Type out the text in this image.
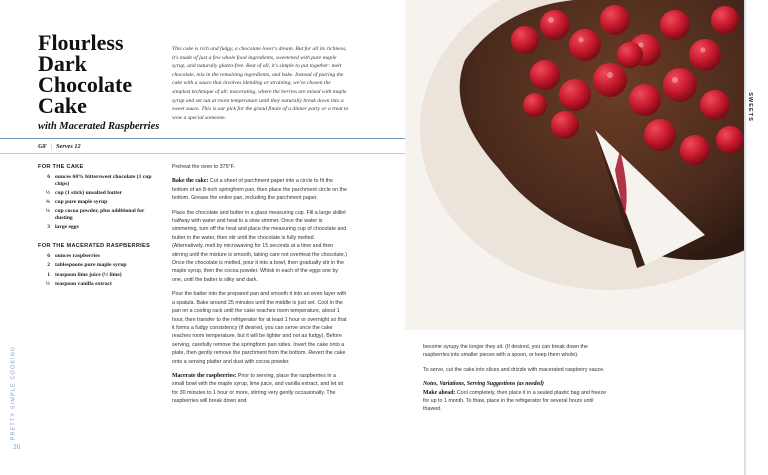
Flourless Dark Chocolate Cake
with Macerated Raspberries
This cake is rich and fudgy, a chocolate lover's dream. But for all its richness, it's made of just a few whole food ingredients, sweetened with pure maple syrup, and naturally gluten-free. Best of all, it's simple to put together: melt chocolate, mix in the remaining ingredients, and bake. Instead of pairing the cake with a sauce that involves blending or straining, we've chosen the simplest technique of all: macerating, where the berries are mixed with maple syrup and set out at room temperature until they naturally break down into a sweet sauce. This is our pick for the grand finale of a dinner party or a treat to wow a special someone.
GF | Serves 12
FOR THE CAKE
6 ounces 60% bittersweet chocolate (1 cup chips)
½ cup (1 stick) unsalted butter
¾ cup pure maple syrup
¼ cup cocoa powder, plus additional for dusting
3 large eggs
FOR THE MACERATED RASPBERRIES
6 ounces raspberries
2 tablespoons pure maple syrup
1 teaspoon lime juice (½ lime)
½ teaspoon vanilla extract

Preheat the oven to 375°F.

Bake the cake: Cut a sheet of parchment paper into a circle to fit the bottom of an 8-inch springform pan, then place the parchment circle on the bottom. Grease the entire pan, including the parchment paper.

Place the chocolate and butter in a glass measuring cup. Fill a large skillet halfway with water and heat to a slow simmer. Once the water is simmering, turn off the heat and place the measuring cup of chocolate and butter in the water, then stir until the chocolate is fully melted. (Alternatively, melt by microwaving for 15 seconds at a time and then stirring until the mixture is smooth, taking care not overheat the chocolate.) Once the chocolate is melted, pour it into a bowl, then gradually stir in the maple syrup, then the cocoa powder. Whisk in each of the eggs one by one, until the batter is silky and dark.

Pour the batter into the prepared pan and smooth it into an even layer with a spatula. Bake around 25 minutes until the middle is just set. Cool in the pan on a cooling rack until the cake reaches room temperature, about 1 hour, then transfer to the refrigerator for at least 1 hour or overnight so that it forms a fudgy consistency (if desired, you can serve once the cake reaches room temperature, but it will be lighter and not as fudgy). Before serving, carefully remove the springform pan sides. Invert the cake onto a plate, then gently remove the parchment from the bottom. Revert the cake onto a serving platter and dust with cocoa powder.

Macerate the raspberries: Prior to serving, place the raspberries in a small bowl with the maple syrup, lime juice, and vanilla extract, and let sit for 30 minutes to 1 hour or more, stirring very gently occasionally. The raspberries will break down and

PRETTY SIMPLE COOKING
26

become syrupy the longer they sit. (If desired, you can break down the raspberries into smaller pieces with a spoon, or keep them whole).

To serve, cut the cake into slices and drizzle with macerated raspberry sauce.

Notes, Variations, Serving Suggestions (as needed)

Make ahead: Cool completely, then place it in a sealed plastic bag and freeze for up to 1 month. To thaw, place in the refrigerator for several hours until thawed.

SWEETS
